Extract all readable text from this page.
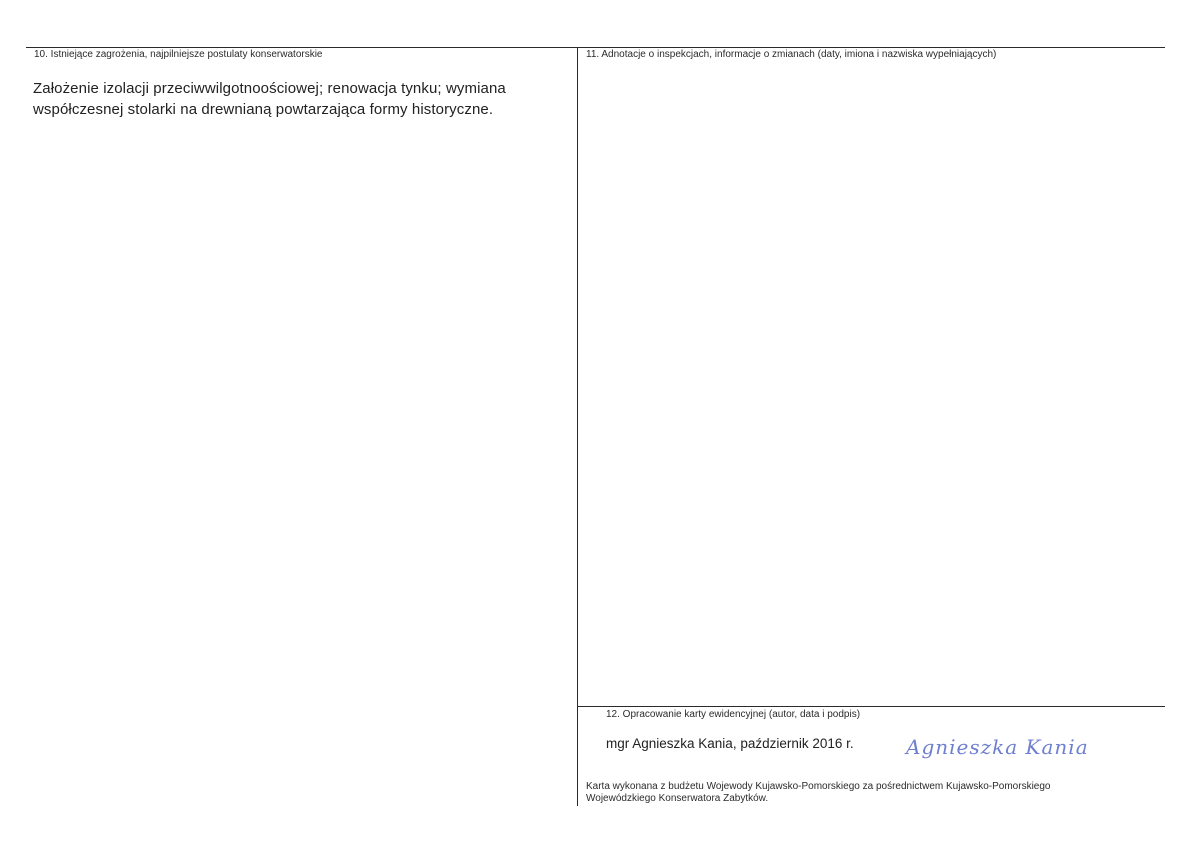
10. Istniejące zagrożenia, najpilniejsze postulaty konserwatorskie
Założenie izolacji przeciwwilgotnoościowej; renowacja tynku; wymiana współczesnej stolarki na drewnianą powtarzająca formy historyczne.
11. Adnotacje o inspekcjach, informacje o zmianach (daty, imiona i nazwiska wypełniających)
12. Opracowanie karty ewidencyjnej (autor, data i podpis)
mgr Agnieszka Kania, październik 2016 r.	Agnieszka Kania
Karta wykonana z budżetu Wojewody Kujawsko-Pomorskiego za pośrednictwem Kujawsko-Pomorskiego
Wojewódzkiego Konserwatora Zabytków.
